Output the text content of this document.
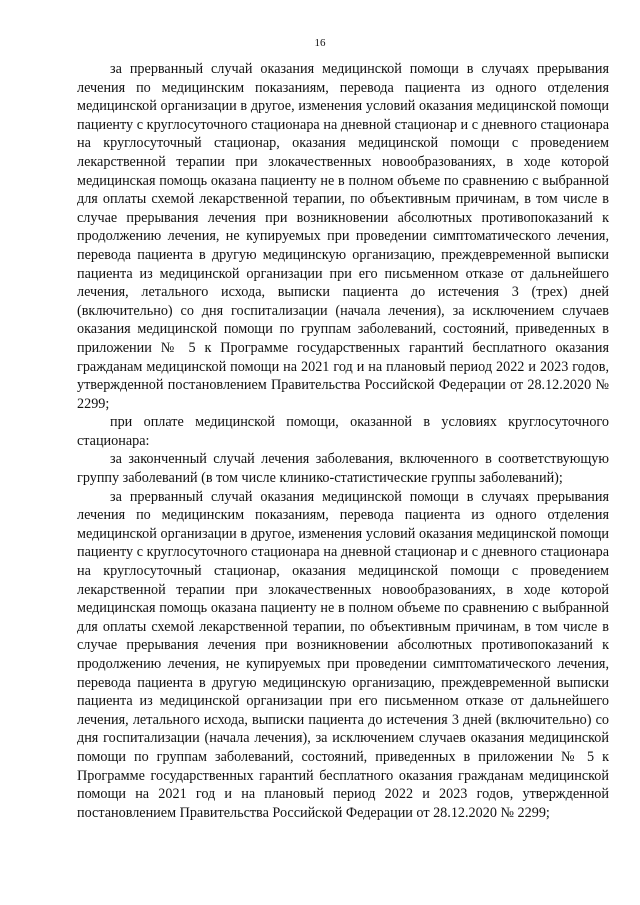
16

за прерванный случай оказания медицинской помощи в случаях прерывания лечения по медицинским показаниям, перевода пациента из одного отделения медицинской организации в другое, изменения условий оказания медицинской помощи пациенту с круглосуточного стационара на дневной стационар и с дневного стационара на круглосуточный стационар, оказания медицинской помощи с проведением лекарственной терапии при злокачественных новообразованиях, в ходе которой медицинская помощь оказана пациенту не в полном объеме по сравнению с выбранной для оплаты схемой лекарственной терапии, по объективным причинам, в том числе в случае прерывания лечения при возникновении абсолютных противопоказаний к продолжению лечения, не купируемых при проведении симптоматического лечения, перевода пациента в другую медицинскую организацию, преждевременной выписки пациента из медицинской организации при его письменном отказе от дальнейшего лечения, летального исхода, выписки пациента до истечения 3 (трех) дней (включительно) со дня госпитализации (начала лечения), за исключением случаев оказания медицинской помощи по группам заболеваний, состояний, приведенных в приложении № 5 к Программе государственных гарантий бесплатного оказания гражданам медицинской помощи на 2021 год и на плановый период 2022 и 2023 годов, утвержденной постановлением Правительства Российской Федерации от 28.12.2020 № 2299;

при оплате медицинской помощи, оказанной в условиях круглосуточного стационара:

за законченный случай лечения заболевания, включенного в соответствующую группу заболеваний (в том числе клинико-статистические группы заболеваний);

за прерванный случай оказания медицинской помощи в случаях прерывания лечения по медицинским показаниям, перевода пациента из одного отделения медицинской организации в другое, изменения условий оказания медицинской помощи пациенту с круглосуточного стационара на дневной стационар и с дневного стационара на круглосуточный стационар, оказания медицинской помощи с проведением лекарственной терапии при злокачественных новообразованиях, в ходе которой медицинская помощь оказана пациенту не в полном объеме по сравнению с выбранной для оплаты схемой лекарственной терапии, по объективным причинам, в том числе в случае прерывания лечения при возникновении абсолютных противопоказаний к продолжению лечения, не купируемых при проведении симптоматического лечения, перевода пациента в другую медицинскую организацию, преждевременной выписки пациента из медицинской организации при его письменном отказе от дальнейшего лечения, летального исхода, выписки пациента до истечения 3 дней (включительно) со дня госпитализации (начала лечения), за исключением случаев оказания медицинской помощи по группам заболеваний, состояний, приведенных в приложении № 5 к Программе государственных гарантий бесплатного оказания гражданам медицинской помощи на 2021 год и на плановый период 2022 и 2023 годов, утвержденной постановлением Правительства Российской Федерации от 28.12.2020 № 2299;
